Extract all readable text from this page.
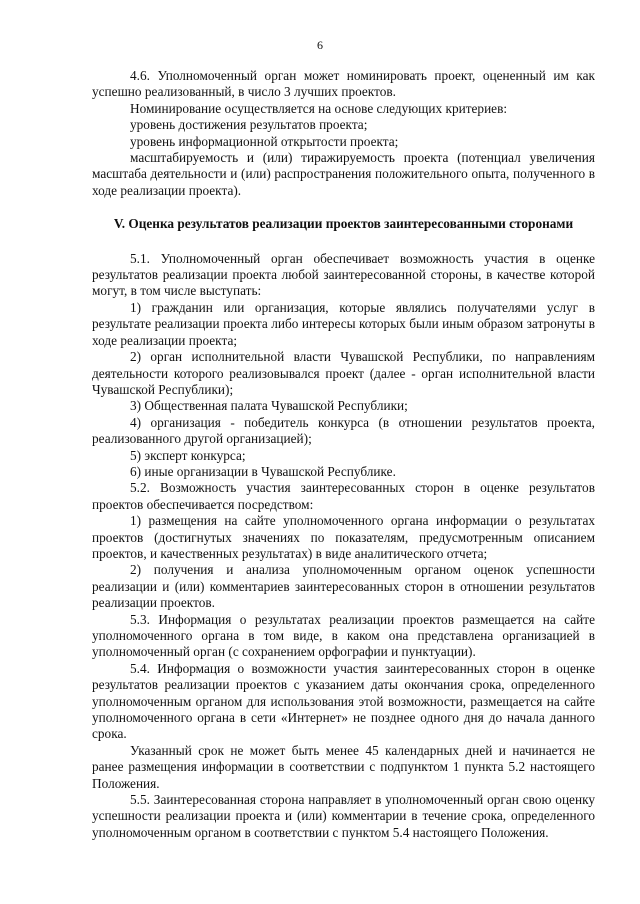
6

4.6. Уполномоченный орган может номинировать проект, оцененный им как успешно реализованный, в число 3 лучших проектов.

Номинирование осуществляется на основе следующих критериев:

уровень достижения результатов проекта;

уровень информационной открытости проекта;

масштабируемость и (или) тиражируемость проекта (потенциал увеличения масштаба деятельности и (или) распространения положительного опыта, полученного в ходе реализации проекта).

V. Оценка результатов реализации проектов заинтересованными сторонами

5.1. Уполномоченный орган обеспечивает возможность участия в оценке результатов реализации проекта любой заинтересованной стороны, в качестве которой могут, в том числе выступать:

1) гражданин или организация, которые являлись получателями услуг в результате реализации проекта либо интересы которых были иным образом затронуты в ходе реализации проекта;

2) орган исполнительной власти Чувашской Республики, по направлениям деятельности которого реализовывался проект (далее - орган исполнительной власти Чувашской Республики);

3) Общественная палата Чувашской Республики;

4) организация - победитель конкурса (в отношении результатов проекта, реализованного другой организацией);

5) эксперт конкурса;

6) иные организации в Чувашской Республике.

5.2. Возможность участия заинтересованных сторон в оценке результатов проектов обеспечивается посредством:

1) размещения на сайте уполномоченного органа информации о результатах проектов (достигнутых значениях по показателям, предусмотренным описанием проектов, и качественных результатах) в виде аналитического отчета;

2) получения и анализа уполномоченным органом оценок успешности реализации и (или) комментариев заинтересованных сторон в отношении результатов реализации проектов.

5.3. Информация о результатах реализации проектов размещается на сайте уполномоченного органа в том виде, в каком она представлена организацией в уполномоченный орган (с сохранением орфографии и пунктуации).

5.4. Информация о возможности участия заинтересованных сторон в оценке результатов реализации проектов с указанием даты окончания срока, определенного уполномоченным органом для использования этой возможности, размещается на сайте уполномоченного органа в сети «Интернет» не позднее одного дня до начала данного срока.

Указанный срок не может быть менее 45 календарных дней и начинается не ранее размещения информации в соответствии с подпунктом 1 пункта 5.2 настоящего Положения.

5.5. Заинтересованная сторона направляет в уполномоченный орган свою оценку успешности реализации проекта и (или) комментарии в течение срока, определенного уполномоченным органом в соответствии с пунктом 5.4 настоящего Положения.
